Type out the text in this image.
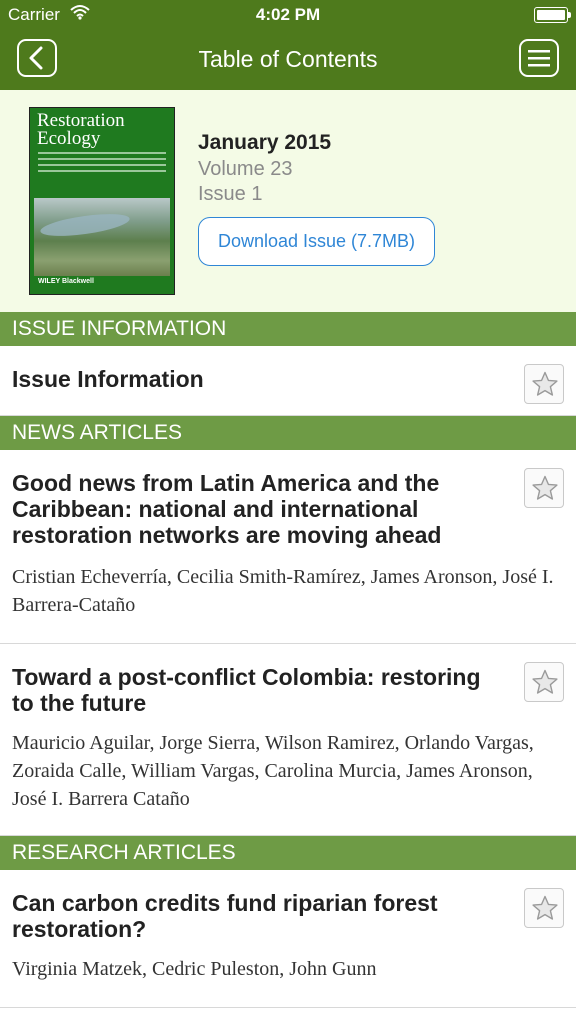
Carrier	4:02 PM
Table of Contents
Restoration
Ecology
WILEY Blackwell
January 2015
Volume 23
Issue 1
Download Issue (7.7MB)
ISSUE INFORMATION
Issue Information
NEWS ARTICLES
Good news from Latin America and the Caribbean: national and international restoration networks are moving ahead
Cristian Echeverría, Cecilia Smith-Ramírez, James Aronson, José I. Barrera-Cataño
Toward a post-conflict Colombia: restoring to the future
Mauricio Aguilar, Jorge Sierra, Wilson Ramirez, Orlando Vargas, Zoraida Calle, William Vargas, Carolina Murcia, James Aronson, José I. Barrera Cataño
RESEARCH ARTICLES
Can carbon credits fund riparian forest restoration?
Virginia Matzek, Cedric Puleston, John Gunn
